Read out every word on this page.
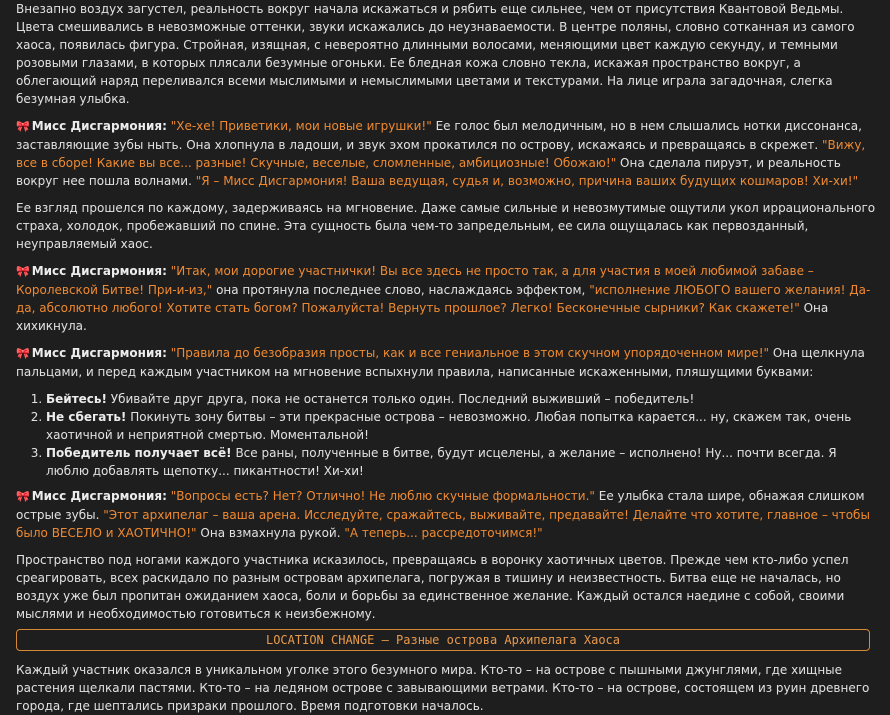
Внезапно воздух загустел, реальность вокруг начала искажаться и рябить еще сильнее, чем от присутствия Квантовой Ведьмы. Цвета смешивались в невозможные оттенки, звуки искажались до неузнаваемости. В центре поляны, словно сотканная из самого хаоса, появилась фигура. Стройная, изящная, с невероятно длинными волосами, меняющими цвет каждую секунду, и темными розовыми глазами, в которых плясали безумные огоньки. Ее бледная кожа словно текла, искажая пространство вокруг, а облегающий наряд переливался всеми мыслимыми и немыслимыми цветами и текстурами. На лице играла загадочная, слегка безумная улыбка.

🎀 Мисс Дисгармония: "Хе-хе! Приветики, мои новые игрушки!" Ее голос был мелодичным, но в нем слышались нотки диссонанса, заставляющие зубы ныть. Она хлопнула в ладоши, и звук эхом прокатился по острову, искажаясь и превращаясь в скрежет. "Вижу, все в сборе! Какие вы все... разные! Скучные, веселые, сломленные, амбициозные! Обожаю!" Она сделала пируэт, и реальность вокруг нее пошла волнами. "Я – Мисс Дисгармония! Ваша ведущая, судья и, возможно, причина ваших будущих кошмаров! Хи-хи!"

Ее взгляд прошелся по каждому, задерживаясь на мгновение. Даже самые сильные и невозмутимые ощутили укол иррационального страха, холодок, пробежавший по спине. Эта сущность была чем-то запредельным, ее сила ощущалась как первозданный, неуправляемый хаос.

🎀 Мисс Дисгармония: "Итак, мои дорогие участнички! Вы все здесь не просто так, а для участия в моей любимой забаве – Королевской Битве! При-и-из," она протянула последнее слово, наслаждаясь эффектом, "исполнение ЛЮБОГО вашего желания! Да-да, абсолютно любого! Хотите стать богом? Пожалуйста! Вернуть прошлое? Легко! Бесконечные сырники? Как скажете!" Она хихикнула.

🎀 Мисс Дисгармония: "Правила до безобразия просты, как и все гениальное в этом скучном упорядоченном мире!" Она щелкнула пальцами, и перед каждым участником на мгновение вспыхнули правила, написанные искаженными, пляшущими буквами:

1. Бейтесь! Убивайте друг друга, пока не останется только один. Последний выживший – победитель!
2. Не сбегать! Покинуть зону битвы – эти прекрасные острова – невозможно. Любая попытка карается... ну, скажем так, очень хаотичной и неприятной смертью. Моментальной!
3. Победитель получает всё! Все раны, полученные в битве, будут исцелены, а желание – исполнено! Ну... почти всегда. Я люблю добавлять щепотку... пикантности! Хи-хи!

🎀 Мисс Дисгармония: "Вопросы есть? Нет? Отлично! Не люблю скучные формальности." Ее улыбка стала шире, обнажая слишком острые зубы. "Этот архипелаг – ваша арена. Исследуйте, сражайтесь, выживайте, предавайте! Делайте что хотите, главное – чтобы было ВЕСЕЛО и ХАОТИЧНО!" Она взмахнула рукой. "А теперь... рассредоточимся!"

Пространство под ногами каждого участника исказилось, превращаясь в воронку хаотичных цветов. Прежде чем кто-либо успел среагировать, всех раскидало по разным островам архипелага, погружая в тишину и неизвестность. Битва еще не началась, но воздух уже был пропитан ожиданием хаоса, боли и борьбы за единственное желание. Каждый остался наедине с собой, своими мыслями и необходимостью готовиться к неизбежному.

LOCATION CHANGE – Разные острова Архипелага Хаоса

Каждый участник оказался в уникальном уголке этого безумного мира. Кто-то – на острове с пышными джунглями, где хищные растения щелкали пастями. Кто-то – на ледяном острове с завывающими ветрами. Кто-то – на острове, состоящем из руин древнего города, где шептались призраки прошлого. Время подготовки началось.
